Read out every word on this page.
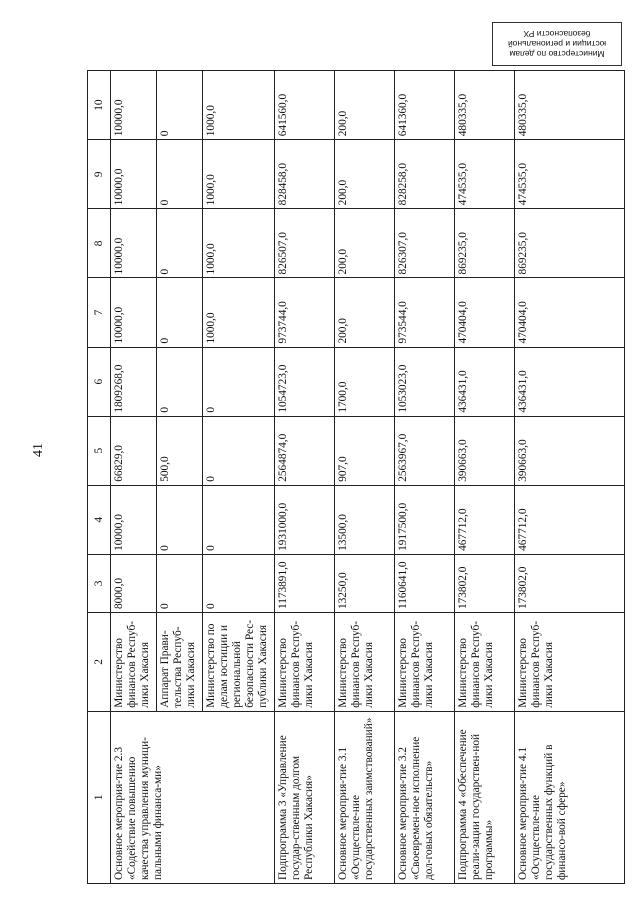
41
Министерство по делам
юстиции и региональной
безопасности РХ
1	2	3	4	5	6	7	8	9	10
Основное мероприя-тие 2.3 «Содействие повышению качества управления муници-пальными финанса-ми»	Министерство финансов Респуб-лики Хакасия	8000,0	10000,0	66829,0	1809268,0	10000,0	10000,0	10000,0	10000,0
	Аппарат Прави-тельства Респуб-лики Хакасия	0	0	500,0	0	0	0	0	0
	Министерство по делам юстиции и региональной безопасности Рес-публики Хакасия	0	0	0	0	1000,0	1000,0	1000,0	1000,0
Подпрограмма 3 «Управление государ-ственным долгом Республики Хакасия»	Министерство финансов Респуб-лики Хакасия	1173891,0	1931000,0	2564874,0	1054723,0	973744,0	826507,0	828458,0	641560,0
Основное мероприя-тие 3.1 «Осуществле-ние государственных заимствований»	Министерство финансов Респуб-лики Хакасия	13250,0	13500,0	907,0	1700,0	200,0	200,0	200,0	200,0
Основное мероприя-тие 3.2 «Своевремен-ное исполнение дол-говых обязательств»	Министерство финансов Респуб-лики Хакасия	1160641,0	1917500,0	2563967,0	1053023,0	973544,0	826307,0	828258,0	641360,0
Подпрограмма 4 «Обеспечение реали-зации государствен-ной программы»	Министерство финансов Респуб-лики Хакасия	173802,0	467712,0	390663,0	436431,0	470404,0	869235,0	474535,0	480335,0
Основное мероприя-тие 4.1 «Осуществле-ние государственных функций в финансо-вой сфере»	Министерство финансов Респуб-лики Хакасия	173802,0	467712,0	390663,0	436431,0	470404,0	869235,0	474535,0	480335,0
